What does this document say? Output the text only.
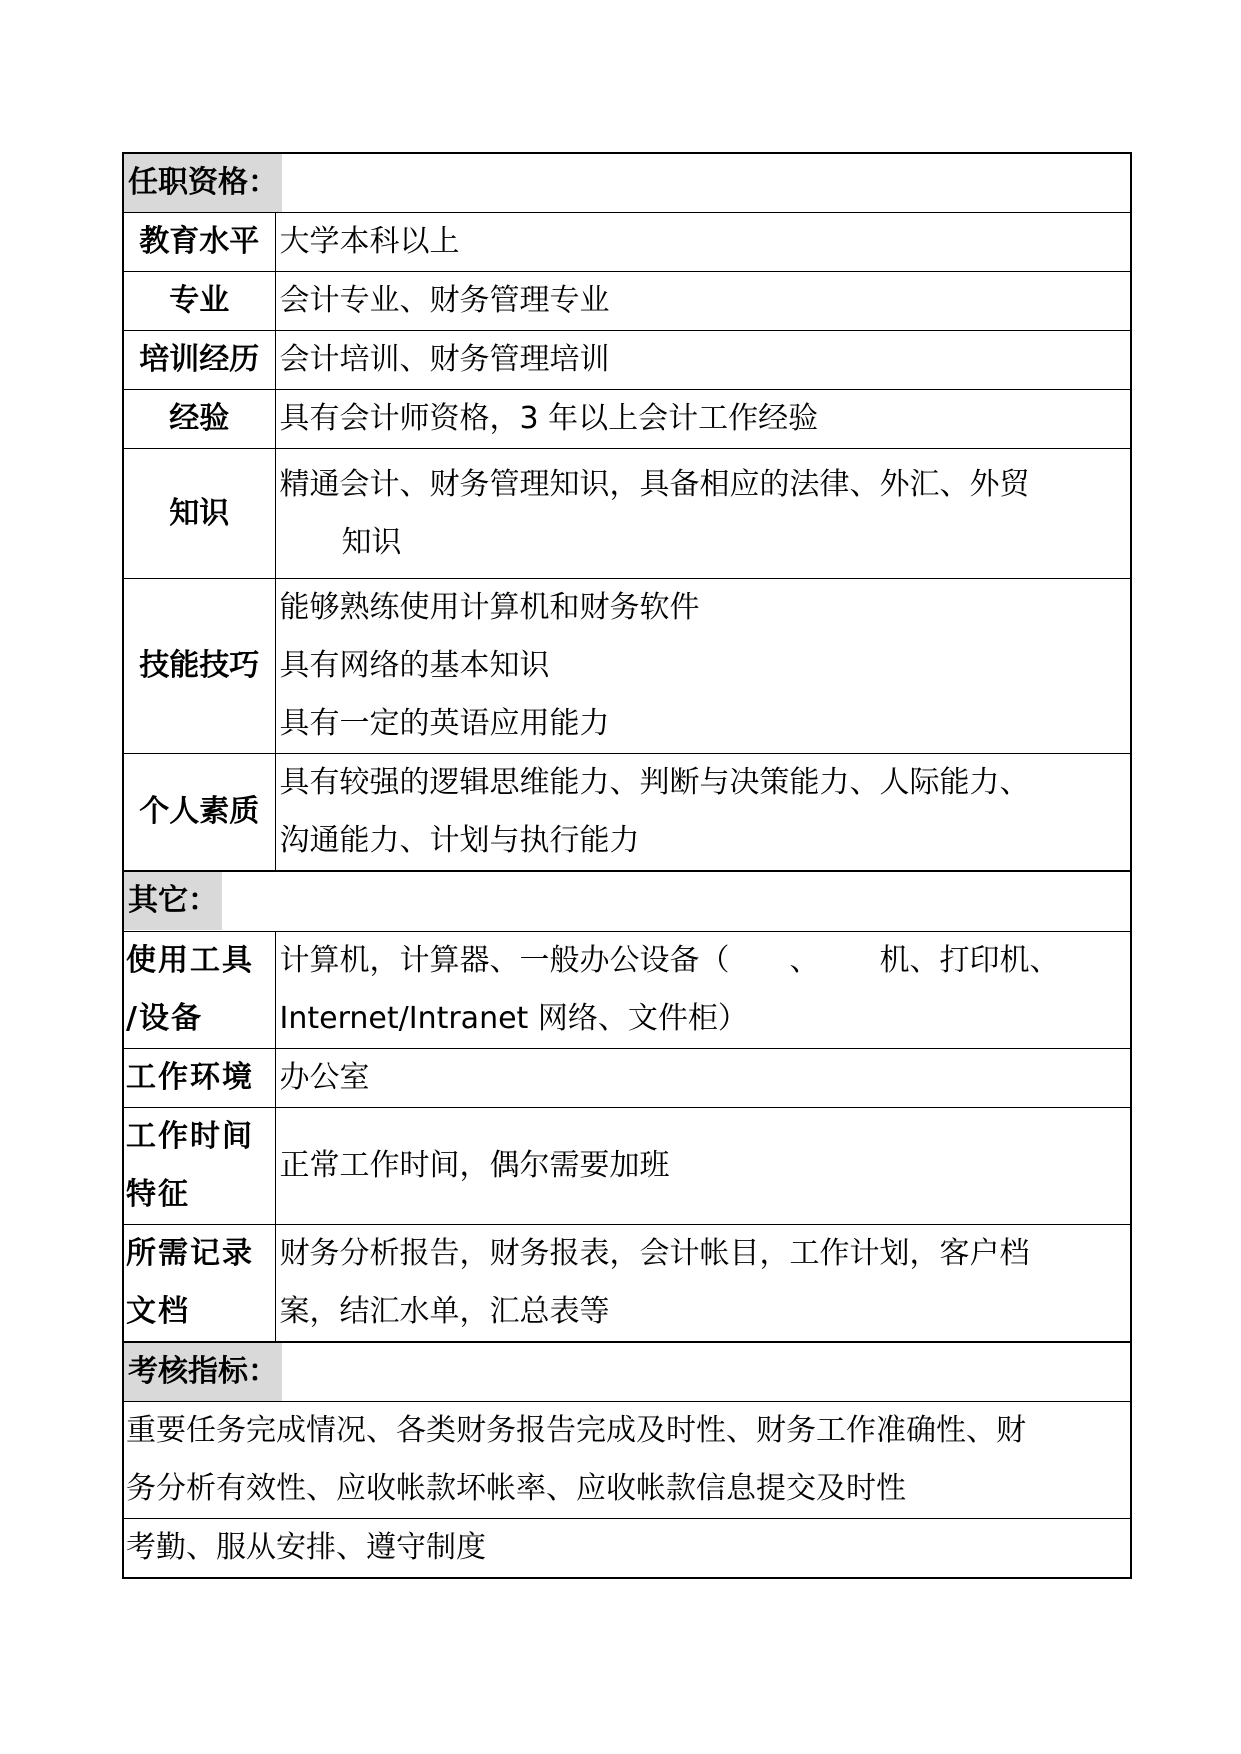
任职资格：	
教育水平	大学本科以上

专业	会计专业、财务管理专业

培训经历	会计培训、财务管理培训

经验	具有会计师资格，3 年以上会计工作经验

知识	精通会计、财务管理知识，具备相应的法律、外汇、外贸
知识

技能技巧	能够熟练使用计算机和财务软件
具有网络的基本知识
具有一定的英语应用能力

个人素质	具有较强的逻辑思维能力、判断与决策能力、人际能力、
沟通能力、计划与执行能力

其它：	

使用工具
/设备	计算机，计算器、一般办公设备（ 、 机、打印机、
Internet/Intranet 网络、文件柜）

工作环境	办公室

工作时间
特征	正常工作时间，偶尔需要加班

所需记录
文档	财务分析报告，财务报表，会计帐目，工作计划，客户档
案，结汇水单，汇总表等

考核指标：	

重要任务完成情况、各类财务报告完成及时性、财务工作准确性、财
务分析有效性、应收帐款坏帐率、应收帐款信息提交及时性	

考勤、服从安排、遵守制度	
